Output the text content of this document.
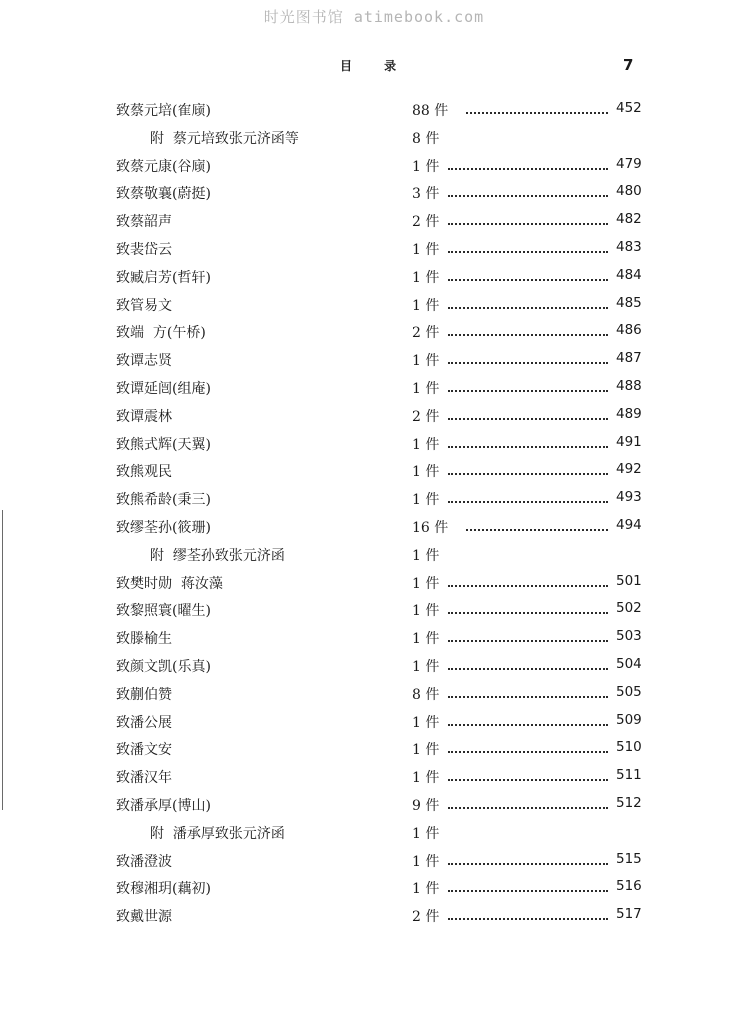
时光图书馆 atimebook.com
目 录	7
致蔡元培(隺庼)	88 件	452
附  蔡元培致张元济函等	8 件
致蔡元康(谷庼)	1 件	479
致蔡敬襄(蔚挺)	3 件	480
致蔡韶声	2 件	482
致裴岱云	1 件	483
致臧启芳(哲轩)	1 件	484
致管易文	1 件	485
致端  方(午桥)	2 件	486
致谭志贤	1 件	487
致谭延闿(组庵)	1 件	488
致谭震林	2 件	489
致熊式辉(天翼)	1 件	491
致熊观民	1 件	492
致熊希龄(秉三)	1 件	493
致缪荃孙(筱珊)	16 件	494
附  缪荃孙致张元济函	1 件
致樊时勋  蒋汝藻	1 件	501
致黎照寰(曜生)	1 件	502
致滕榆生	1 件	503
致颜文凯(乐真)	1 件	504
致蒯伯赞	8 件	505
致潘公展	1 件	509
致潘文安	1 件	510
致潘汉年	1 件	511
致潘承厚(博山)	9 件	512
附  潘承厚致张元济函	1 件
致潘澄波	1 件	515
致穆湘玥(藕初)	1 件	516
致戴世源	2 件	517
